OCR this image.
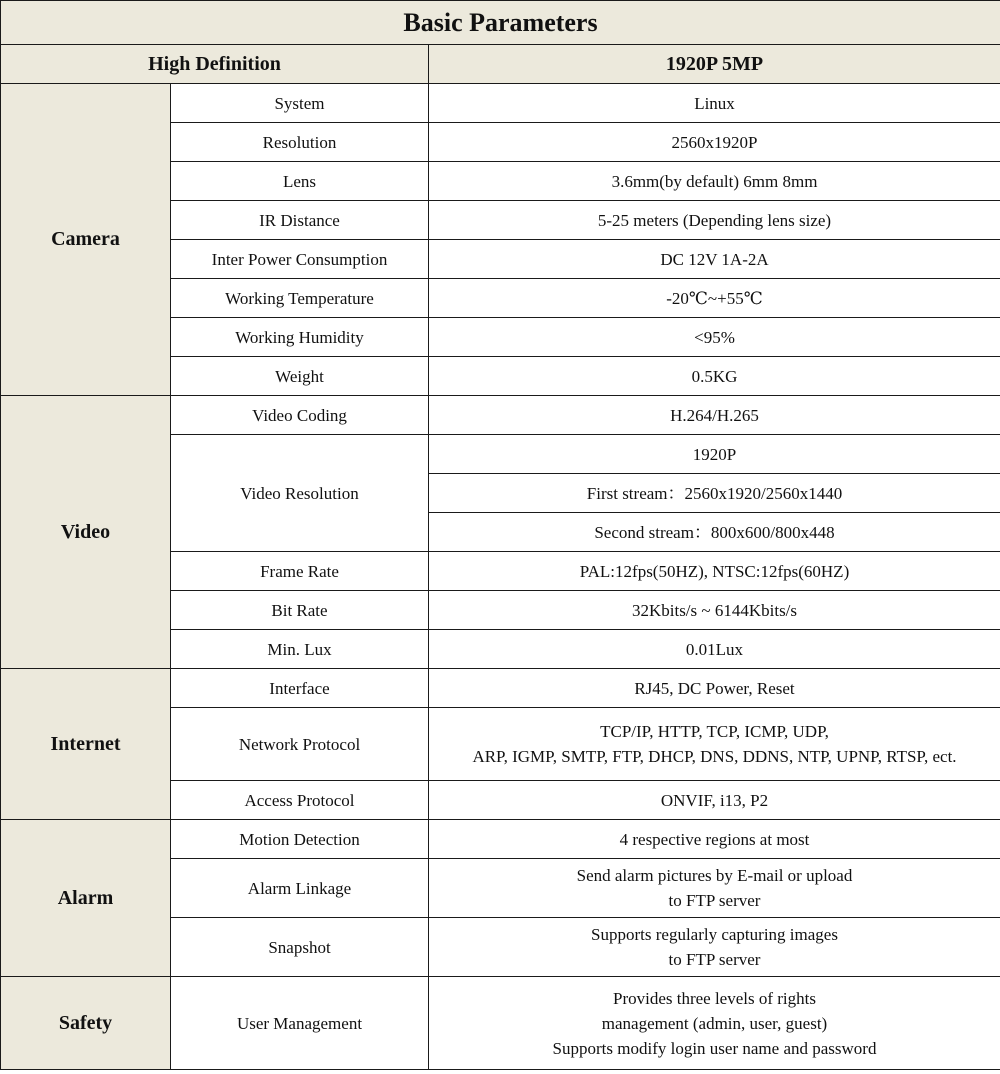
Basic Parameters		
High Definition		1920P 5MP
Camera	System	Linux
	Resolution	2560x1920P
	Lens	3.6mm(by default) 6mm 8mm
	IR Distance	5-25 meters (Depending lens size)
	Inter Power Consumption	DC 12V 1A-2A
	Working Temperature	-20℃~+55℃
	Working Humidity	<95%
	Weight	0.5KG
Video	Video Coding	H.264/H.265
	Video Resolution	1920P
		First stream：2560x1920/2560x1440
		Second stream：800x600/800x448
	Frame Rate	PAL:12fps(50HZ), NTSC:12fps(60HZ)
	Bit Rate	32Kbits/s ~ 6144Kbits/s
	Min. Lux	0.01Lux
Internet	Interface	RJ45, DC Power, Reset
	Network Protocol	TCP/IP, HTTP, TCP, ICMP, UDP,
ARP, IGMP, SMTP, FTP, DHCP, DNS, DDNS, NTP, UPNP, RTSP, ect.

	Access Protocol	ONVIF, i13, P2
Alarm	Motion Detection	4 respective regions at most
	Alarm Linkage	Send alarm pictures by E-mail or upload
to FTP server

	Snapshot	Supports regularly capturing images
to FTP server

Safety	User Management	Provides three levels of rights
management (admin, user, guest)
Supports modify login user name and password
